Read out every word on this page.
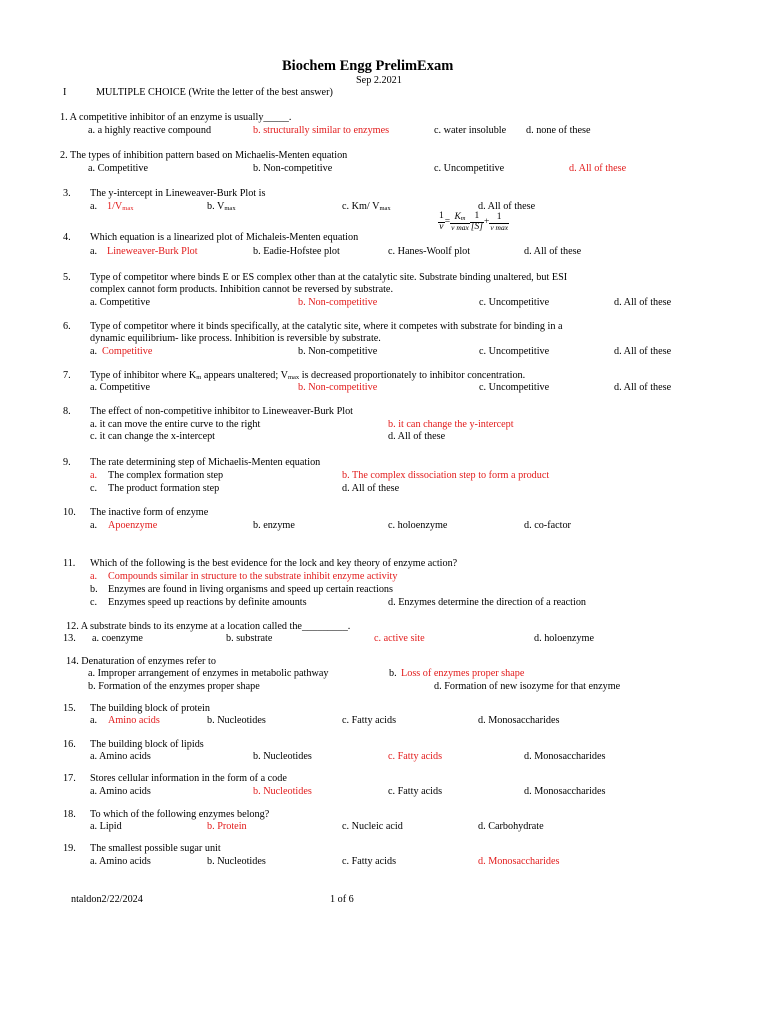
Biochem Engg PrelimExam
Sep 2.2021
I	MULTIPLE CHOICE (Write the letter of the best answer)
1. A competitive inhibitor of an enzyme is usually_____.
a. a highly reactive compound	b. structurally similar to enzymes	c. water insoluble d. none of these
2. The types of inhibition pattern based on Michaelis-Menten equation
a. Competitive	b. Non-competitive	c. Uncompetitive	d. All of these
3. The y-intercept in Lineweaver-Burk Plot is
a. $1/V_{max}$	b. $V_{max}$	c. Km/ $V_{max}$	d. All of these
$\frac{1}{v} = \frac{K_m}{\text{v max}} \frac{1}{[S]} + \frac{1}{\text{v max}}$
4. Which equation is a linearized plot of Michaleis-Menten equation
a. Lineweaver-Burk Plot	b. Eadie-Hofstee plot	c. Hanes-Woolf plot	d. All of these
5. Type of competitor where binds E or ES complex other than at the catalytic site. Substrate binding unaltered, but ESI
complex cannot form products. Inhibition cannot be reversed by substrate.
a. Competitive	b. Non-competitive	c. Uncompetitive	d. All of these
6. Type of competitor where it binds specifically, at the catalytic site, where it competes with substrate for binding in a
dynamic equilibrium- like process. Inhibition is reversible by substrate.
a. Competitive	b. Non-competitive	c. Uncompetitive	d. All of these
7. Type of inhibitor where $K_m$ appears unaltered; $V_{max}$ is decreased proportionately to inhibitor concentration.
a. Competitive	b. Non-competitive	c. Uncompetitive	d. All of these
8. The effect of non-competitive inhibitor to Lineweaver-Burk Plot
a. it can move the entire curve to the right	b. it can change the y-intercept
c. it can change the x-intercept	d. All of these
9. The rate determining step of Michaelis-Menten equation
a. The complex formation step	b. The complex dissociation step to form a product
c. The product formation step	d. All of these
10. The inactive form of enzyme
a. Apoenzyme	b. enzyme	c. holoenzyme	d. co-factor
11. Which of the following is the best evidence for the lock and key theory of enzyme action?
a. Compounds similar in structure to the substrate inhibit enzyme activity
b. Enzymes are found in living organisms and speed up certain reactions
c. Enzymes speed up reactions by definite amounts	d. Enzymes determine the direction of a reaction
12. A substrate binds to its enzyme at a location called the_________.
13. a. coenzyme	b. substrate	c. active site	d. holoenzyme
14. Denaturation of enzymes refer to
a. Improper arrangement of enzymes in metabolic pathway	b. Loss of enzymes proper shape
b. Formation of the enzymes proper shape	d. Formation of new isozyme for that enzyme
15. The building block of protein
a. Amino acids	b. Nucleotides	c. Fatty acids	d. Monosaccharides
16. The building block of lipids
a. Amino acids	b. Nucleotides	c. Fatty acids	d. Monosaccharides
17. Stores cellular information in the form of a code
a. Amino acids	b. Nucleotides	c. Fatty acids	d. Monosaccharides
18. To which of the following enzymes belong?
a. Lipid	b. Protein	c. Nucleic acid	d. Carbohydrate
19. The smallest possible sugar unit
a. Amino acids	b. Nucleotides	c. Fatty acids	d. Monosaccharides
ntaldon2/22/2024	1 of 6
